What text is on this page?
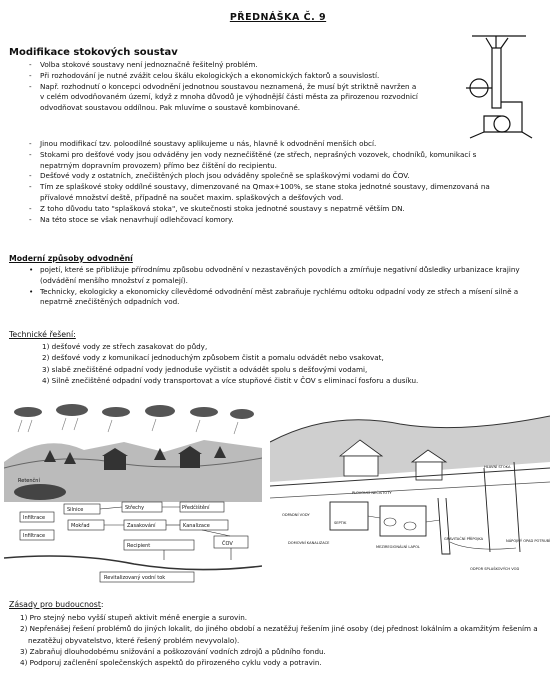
PŘEDNÁŠKA Č. 9
Modifikace stokových soustav
- Volba stokové soustavy není jednoznačně řešitelný problém.
- Při rozhodování je nutné zvážit celou škálu ekologických a ekonomických faktorů a souvislostí.
- Např. rozhodnutí o koncepci odvodnění jednotnou soustavou neznamená, že musí být striktně navržen a v celém odvodňovaném území, když z mnoha důvodů je výhodnější části města za přirozenou rozvodnicí odvodňovat soustavou oddílnou. Pak mluvíme o soustavě kombinované.
- Jinou modifikací tzv. poloodílné soustavy aplikujeme u nás, hlavně k odvodnění menších obcí.
- Stokami pro dešťové vody jsou odváděny jen vody neznečištěné (ze střech, neprašných vozovek, chodníků, komunikací s nepatrným dopravním provozem) přímo bez čištění do recipientu.
- Dešťové vody z ostatních, znečištěných ploch jsou odváděny společně se splaškovými vodami do ČOV.
- Tím ze splaškové stoky oddílné soustavy, dimenzované na Qmax+100%, se stane stoka jednotné soustavy, dimenzovaná na přívalové množství deště, případně na součet maxim. splaškových a dešťových vod.
- Z toho důvodu tato "splašková stoka", ve skutečnosti stoka jednotné soustavy s nepatrně větším DN.
- Na této stoce se však nenavrhují odlehčovací komory.
Moderní způsoby odvodnění
• pojetí, které se přibližuje přírodnímu způsobu odvodnění v nezastavěných povodích a zmírňuje negativní důsledky urbanizace krajiny (odvádění menšího množství z pomalejí).
• Technicky, ekologicky a ekonomicky cílevědomé odvodnění měst zabraňuje rychlému odtoku odpadní vody ze střech a mísení silně a nepatrně znečištěných odpadních vod.
Technické řešení:
1) dešťové vody ze střech zasakovat do půdy,
2) dešťové vody z komunikací jednoduchým způsobem čistit a pomalu odvádět nebo vsakovat,
3) slabě znečištěné odpadní vody jednoduše vyčistit a odvádět spolu s dešťovými vodami,
4) Silně znečištěné odpadní vody transportovat a více stupňové čistit v ČOV s eliminací fosforu a dusíku.
Retenční
Silnice	Střechy	Předčištění
Mokřad	Zasakování	Kanalizace
Infiltrace
Infiltrace
Recipient	ČOV
Revitalizovaný vodní tok
HLAVNÍ STOKA
PLOVOUCÍ NEČISTOTY
ODPADNÍ VODY
SEPTIK
DOMOVNÍ KANALIZACE
MEZIREGIONÁLNÍ LAPOL
GRAVITAČNÍ PŘÍPOJKA	NÁPOJNÝ OPAD POTRUBÍ
ODPOR SPLAŠKOVÝCH VOD
Zásady pro budoucnost:
1) Pro stejný nebo vyšší stupeň aktivit méně energie a surovin.
2) Nepřenášej řešení problémů do jiných lokalit, do jiného období a nezatěžuj řešením jiné osoby (dej přednost lokálním a okamžitým řešením a nezatěžuj obyvatelstvo, které řešený problém nevyvolalo).
3) Zabraňuj dlouhodobému snižování a poškozování vodních zdrojů a půdního fondu.
4) Podporuj začlenění společenských aspektů do přirozeného cyklu vody a potravin.
